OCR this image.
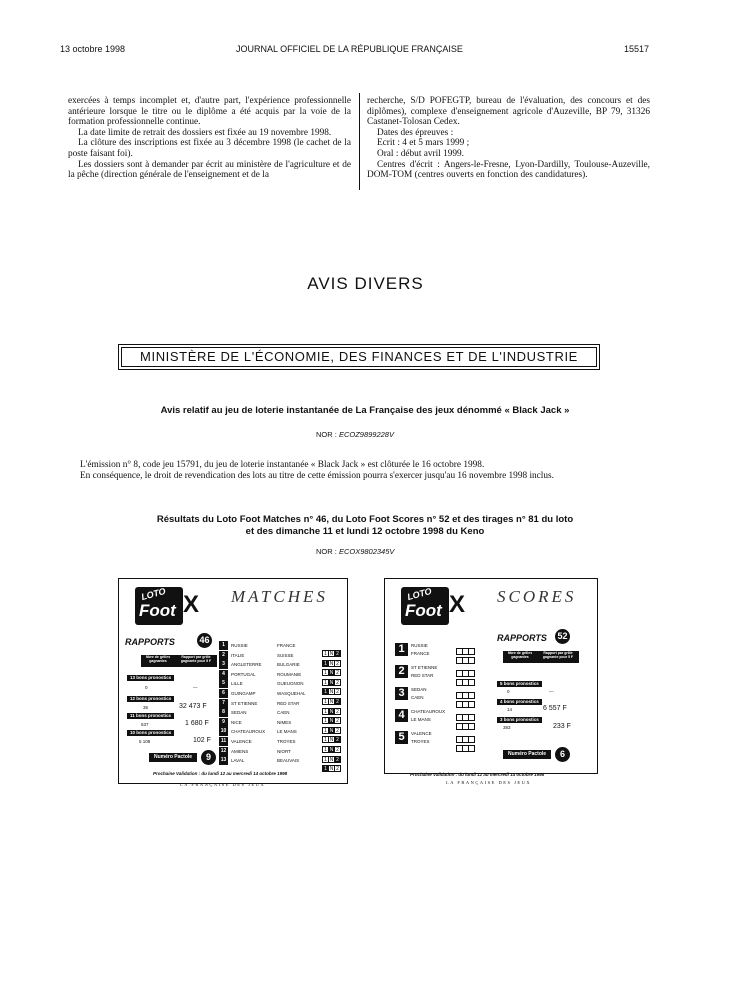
13 octobre 1998	JOURNAL OFFICIEL DE LA RÉPUBLIQUE FRANÇAISE	15517

exercées à temps incomplet et, d'autre part, l'expérience professionnelle antérieure lorsque le titre ou le diplôme a été acquis par la voie de la formation professionnelle continue.

La date limite de retrait des dossiers est fixée au 19 novembre 1998.

La clôture des inscriptions est fixée au 3 décembre 1998 (le cachet de la poste faisant foi).

Les dossiers sont à demander par écrit au ministère de l'agriculture et de la pêche (direction générale de l'enseignement et de la

recherche, S/D POFEGTP, bureau de l'évaluation, des concours et des diplômes), complexe d'enseignement agricole d'Auzeville, BP 79, 31326 Castanet-Tolosan Cedex.

Dates des épreuves :

Ecrit : 4 et 5 mars 1999 ;

Oral : début avril 1999.

Centres d'écrit : Angers-le-Fresne, Lyon-Dardilly, Toulouse-Auzeville, DOM-TOM (centres ouverts en fonction des candidatures).

AVIS DIVERS
MINISTÈRE DE L'ÉCONOMIE, DES FINANCES ET DE L'INDUSTRIE
Avis relatif au jeu de loterie instantanée de La Française des jeux dénommé « Black Jack »
NOR : ECOZ9899228V

L'émission n° 8, code jeu 15791, du jeu de loterie instantanée « Black Jack » est clôturée le 16 octobre 1998.

En conséquence, le droit de revendication des lots au titre de cette émission pourra s'exercer jusqu'au 16 novembre 1998 inclus.

Résultats du Loto Foot Matches n° 46, du Loto Foot Scores n° 52 et des tirages n° 81 du loto
et des dimanche 11 et lundi 12 octobre 1998 du Keno
NOR : ECOX9802345V
LOTO
Foot X MATCHES
RAPPORTS	46
Nbre de grilles gagnantes
Rapport par grille gagnante pour 5 F
13 bons pronostics
0	—
12 bons pronostics
35	32 473 F
11 bons pronostics
537	1 680 F
10 bons pronostics
5 108	102 F
Numéro Pactole	9
1	RUSSIE	FRANCE
1 N 2
2	ITALIE	SUISSE
1 N 2
3	ANGLETERRE	BULGARIE
1 N 2
4	PORTUGAL	ROUMANIE
1 N 2
5	LILLE	GUEUGNON
1 N 2
6	GUINGAMP	WASQUEHAL
1 N 2
7	ST ETIENNE	RED STAR
1 N 2
8	SEDAN	CAEN
1 N 2
9	NICE	NIMES
1 N 2
10	CHATEAUROUX	LE MANS
1 N 2
11	VALENCE	TROYES
1 N 2
12	AMIENS	NIORT
1 N 2
13	LAVAL	BEAUVAIS
1 N 2
Prochaine Validation : du lundi 12 au mercredi 14 octobre 1998
LA FRANÇAISE DES JEUX
LOTO
Foot X SCORES
1	RUSSIE
FRANCE
2	ST ETIENNE
RED STAR
3	SEDAN
CAEN
4	CHATEAUROUX
LE MANS
5	VALENCE
TROYES
RAPPORTS 52
Nbre de grilles gagnantes
Rapport par grille gagnante pour 5 F
5 bons pronostics
0	—
4 bons pronostics
14	6 557 F
3 bons pronostics
383	233 F
Numéro Pactole	6
Prochaine Validation : du lundi 12 au mercredi 14 octobre 1998
LA FRANÇAISE DES JEUX
